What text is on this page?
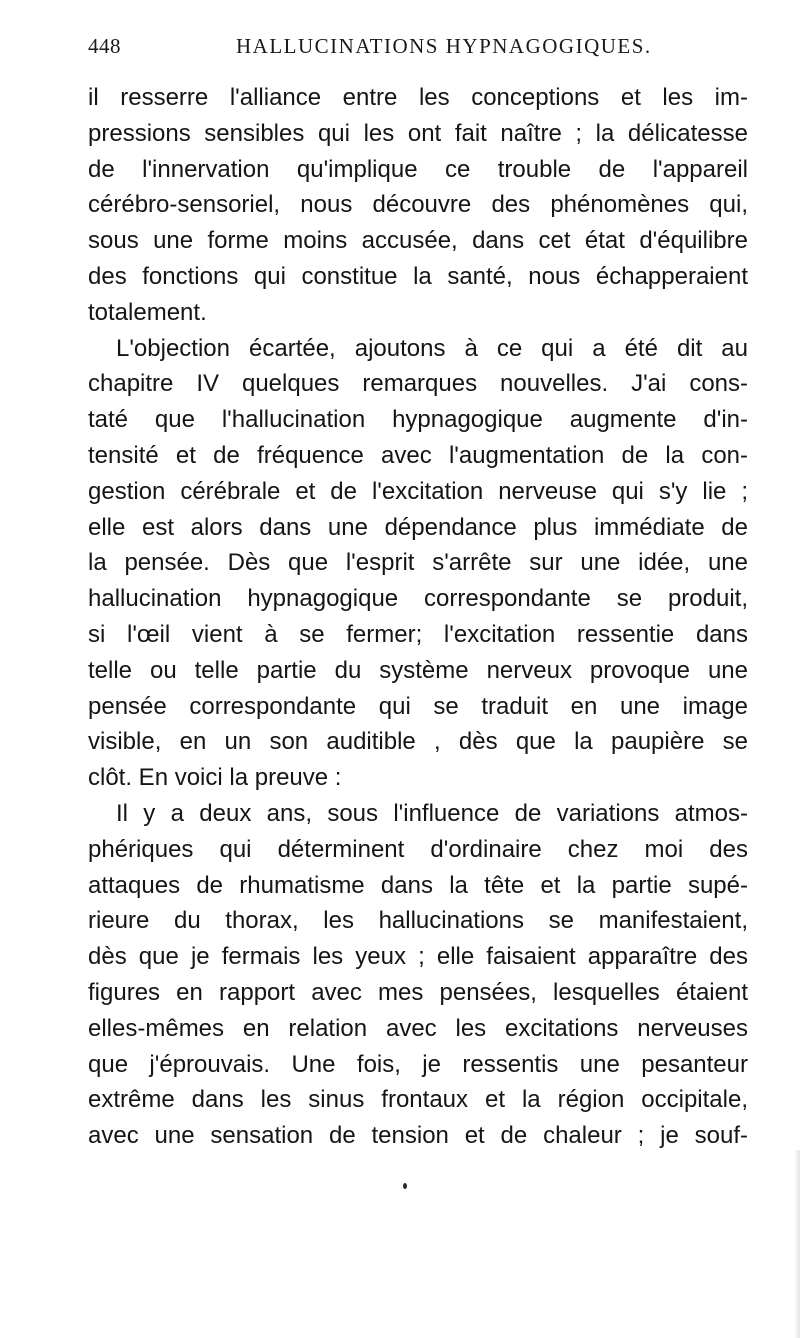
448	HALLUCINATIONS HYPNAGOGIQUES.
il resserre l'alliance entre les conceptions et les im-
pressions sensibles qui les ont fait naître ; la délicatesse
de l'innervation qu'implique ce trouble de l'appareil
cérébro-sensoriel, nous découvre des phénomènes qui,
sous une forme moins accusée, dans cet état d'équilibre
des fonctions qui constitue la santé, nous échapperaient
totalement.
L'objection écartée, ajoutons à ce qui a été dit au
chapitre IV quelques remarques nouvelles. J'ai cons-
taté que l'hallucination hypnagogique augmente d'in-
tensité et de fréquence avec l'augmentation de la con-
gestion cérébrale et de l'excitation nerveuse qui s'y lie ;
elle est alors dans une dépendance plus immédiate de
la pensée. Dès que l'esprit s'arrête sur une idée, une
hallucination hypnagogique correspondante se produit,
si l'œil vient à se fermer; l'excitation ressentie dans
telle ou telle partie du système nerveux provoque une
pensée correspondante qui se traduit en une image
visible, en un son auditible , dès que la paupière se
clôt. En voici la preuve :
Il y a deux ans, sous l'influence de variations atmos-
phériques qui déterminent d'ordinaire chez moi des
attaques de rhumatisme dans la tête et la partie supé-
rieure du thorax, les hallucinations se manifestaient,
dès que je fermais les yeux ; elle faisaient apparaître des
figures en rapport avec mes pensées, lesquelles étaient
elles-mêmes en relation avec les excitations nerveuses
que j'éprouvais. Une fois, je ressentis une pesanteur
extrême dans les sinus frontaux et la région occipitale,
avec une sensation de tension et de chaleur ; je souf-
